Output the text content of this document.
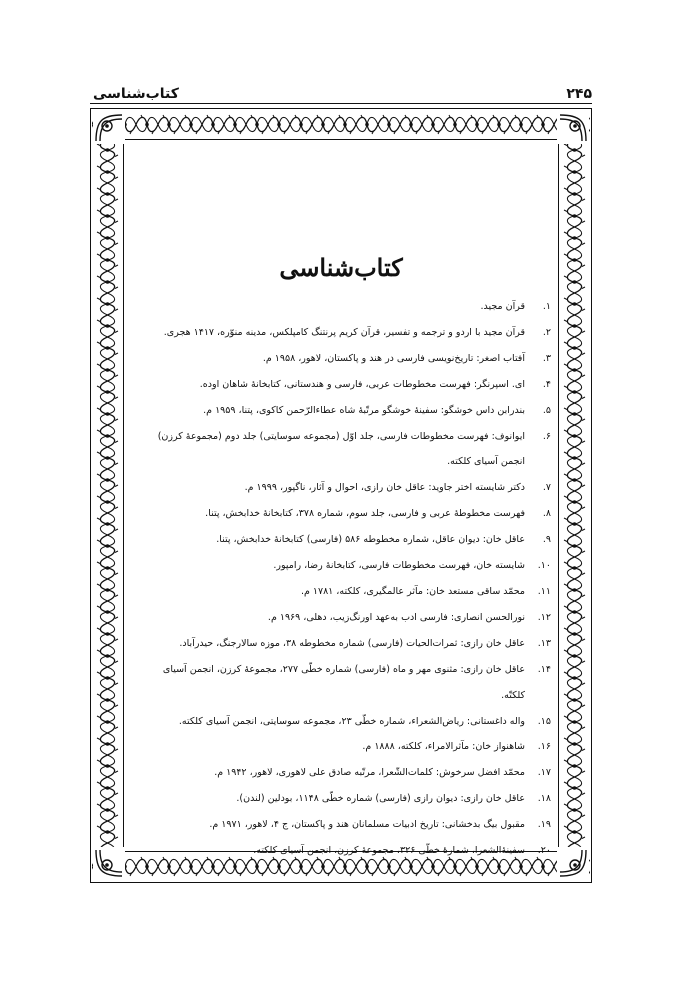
۲۴۵
کتاب‌شناسی
کتاب‌شناسی
۱.
قرآن مجید.
۲.
قرآن مجید با اردو و ترجمه و تفسیر، قرآن کریم پرنتنگ کامپلکس، مدینه منوّره، ۱۴۱۷ هجری.
۳.
آفتاب اصغر: تاریخ‌نویسی فارسی در هند و پاکستان، لاهور، ۱۹۵۸ م.
۴.
ای. اسپرنگر: فهرست مخطوطات عربی، فارسی و هندستانی، کتابخانهٔ شاهان اوده.
۵.
بندرابن داس خوشگو: سفینهٔ خوشگو مرتّبهٔ شاه عطاءالرّحمن کاکوی، پتنا، ۱۹۵۹ م.
۶.
ایوانوف: فهرست مخطوطات فارسی، جلد اوّل (مجموعه سوسایتی) جلد دوم (مجموعهٔ کرزن) انجمن آسیای کلکته.
۷.
دکتر شایسته اختر جاوید: عاقل خان رازی، احوال و آثار، ناگپور، ۱۹۹۹ م.
۸.
فهرست مخطوطهٔ عربی و فارسی، جلد سوم، شماره ۳۷۸، کتابخانهٔ خدابخش، پتنا.
۹.
عاقل خان: دیوان عاقل، شماره مخطوطه ۵۸۶ (فارسی) کتابخانهٔ خدابخش، پتنا.
۱۰.
شایسته خان، فهرست مخطوطات فارسی، کتابخانهٔ رضا، رامپور.
۱۱.
محمّد ساقی مستعد خان: مآثر عالمگیری، کلکته، ۱۷۸۱ م.
۱۲.
نورالحسن انصاری: فارسی ادب به‌عهد اورنگ‌زیب، دهلی، ۱۹۶۹ م.
۱۳.
عاقل خان رازی: ثمرات‌الحیات (فارسی) شماره مخطوطه ۳۸، موزه سالارجنگ، حیدرآباد.
۱۴.
عاقل خان رازی: مثنوی مهر و ماه (فارسی) شماره خطّی ۲۷۷، مجموعهٔ کرزن، انجمن آسیای کلکتّه.
۱۵.
واله داغستانی: ریاض‌الشعراء، شماره خطّی ۲۳، مجموعه سوسایتی، انجمن آسیای کلکته.
۱۶.
شاهنواز خان: مآثرالامراء، کلکته، ۱۸۸۸ م.
۱۷.
محمّد افضل سرخوش: کلمات‌الشّعرا، مرتّبه صادق علی لاهوری، لاهور، ۱۹۴۲ م.
۱۸.
عاقل خان رازی: دیوان رازی (فارسی) شماره خطّی ۱۱۴۸، بودلین (لندن).
۱۹.
مقبول بیگ بدخشانی: تاریخ ادبیات مسلمانان هند و پاکستان، ج ۴، لاهور، ۱۹۷۱ م.
۲۰.
سفینهٔ‌الشعرا، شمارهٔ خطّی ۳۲۶، مجموعهٔ کرزن، انجمن آسیای کلکته.
